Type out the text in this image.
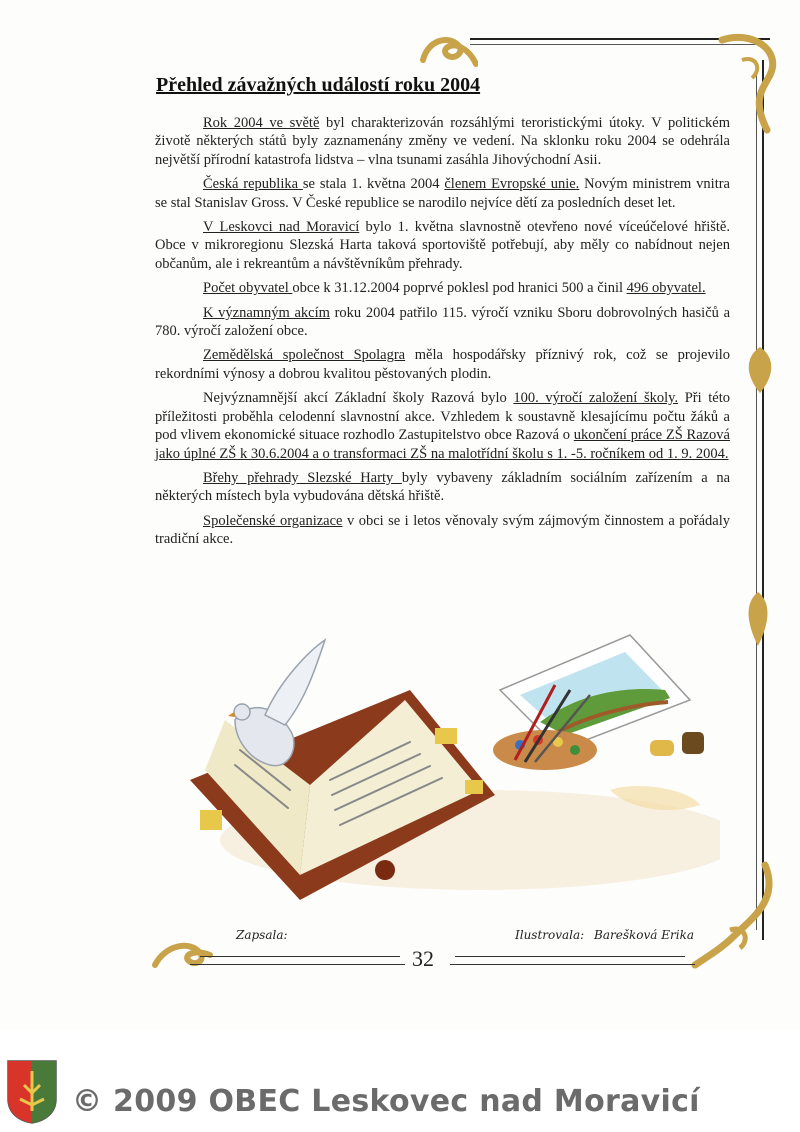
Přehled závažných událostí roku 2004

Rok 2004 ve světě byl charakterizován rozsáhlými teroristickými útoky. V politickém životě některých států byly zaznamenány změny ve vedení. Na sklonku roku 2004 se odehrála největší přírodní katastrofa lidstva – vlna tsunami zasáhla Jihovýchodní Asii.

Česká republika se stala 1. května 2004 členem Evropské unie. Novým ministrem vnitra se stal Stanislav Gross. V České republice se narodilo nejvíce dětí za posledních deset let.

V Leskovci nad Moravicí bylo 1. května slavnostně otevřeno nové víceúčelové hřiště. Obce v mikroregionu Slezská Harta taková sportoviště potřebují, aby měly co nabídnout nejen občanům, ale i rekreantům a návštěvníkům přehrady.

Počet obyvatel obce k 31.12.2004 poprvé poklesl pod hranici 500 a činil 496 obyvatel.

K významným akcím roku 2004 patřilo 115. výročí vzniku Sboru dobrovolných hasičů a 780. výročí založení obce.

Zemědělská společnost Spolagra měla hospodářsky příznivý rok, což se projevilo rekordními výnosy a dobrou kvalitou pěstovaných plodin.

Nejvýznamnější akcí Základní školy Razová bylo 100. výročí založení školy. Při této příležitosti proběhla celodenní slavnostní akce. Vzhledem k soustavně klesajícímu počtu žáků a pod vlivem ekonomické situace rozhodlo Zastupitelstvo obce Razová o ukončení práce ZŠ Razová jako úplné ZŠ k 30.6.2004 a o transformaci ZŠ na malotřídní školu s 1. -5. ročníkem od 1. 9. 2004.

Břehy přehrady Slezské Harty byly vybaveny základním sociálním zařízením a na některých místech byla vybudována dětská hřiště.

Společenské organizace v obci se i letos věnovaly svým zájmovým činnostem a pořádaly tradiční akce.

Zapsala:	Ilustrovala: Barešková Erika
32
© 2009 OBEC Leskovec nad Moravicí
